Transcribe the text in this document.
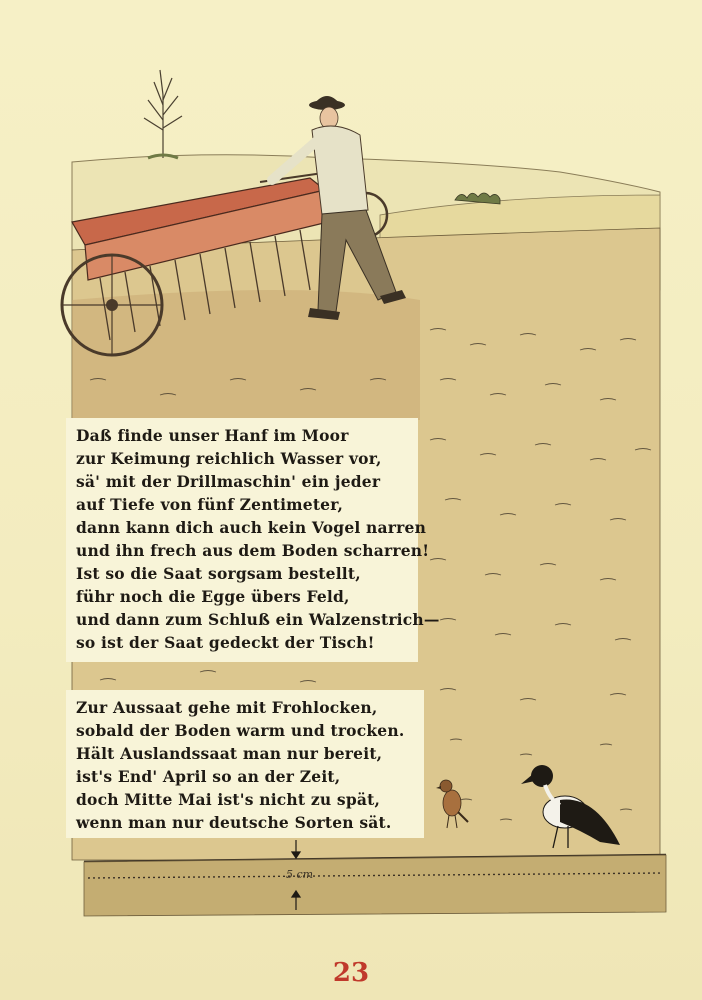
Daß finde unser Hanf im Moor
zur Keimung reichlich Wasser vor,
sä' mit der Drillmaschin' ein jeder
auf Tiefe von fünf Zentimeter,
dann kann dich auch kein Vogel narren
und ihn frech aus dem Boden scharren!
Ist so die Saat sorgsam bestellt,
führ noch die Egge übers Feld,
und dann zum Schluß ein Walzenstrich—
so ist der Saat gedeckt der Tisch!
Zur Aussaat gehe mit Frohlocken,
sobald der Boden warm und trocken.
Hält Auslandssaat man nur bereit,
ist's End' April so an der Zeit,
doch Mitte Mai ist's nicht zu spät,
wenn man nur deutsche Sorten sät.
5 cm
23
